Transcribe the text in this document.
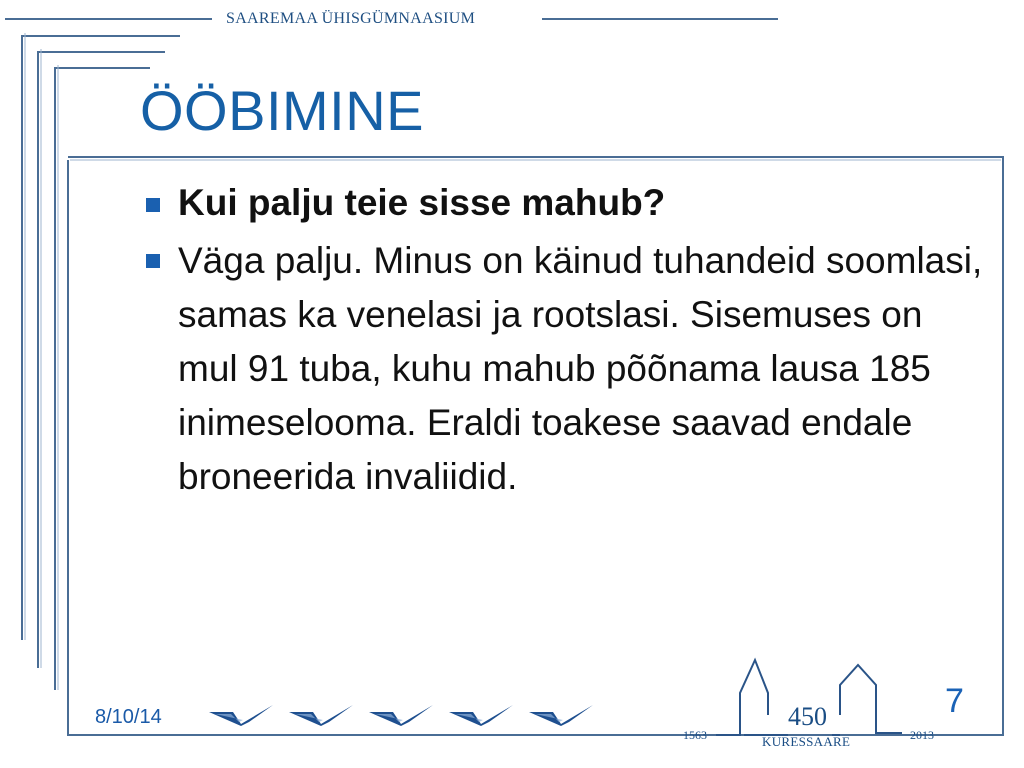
SAAREMAA ÜHISGÜMNAASIUM
ÖÖBIMINE
Kui palju teie sisse mahub?
Väga palju. Minus on käinud tuhandeid soomlasi, samas ka venelasi ja rootslasi. Sisemuses on mul 91 tuba, kuhu mahub põõnama lausa 185 inimeselooma. Eraldi toakese saavad endale broneerida invaliidid.
8/10/14	450
KURESSAARE
1563	2013
7
